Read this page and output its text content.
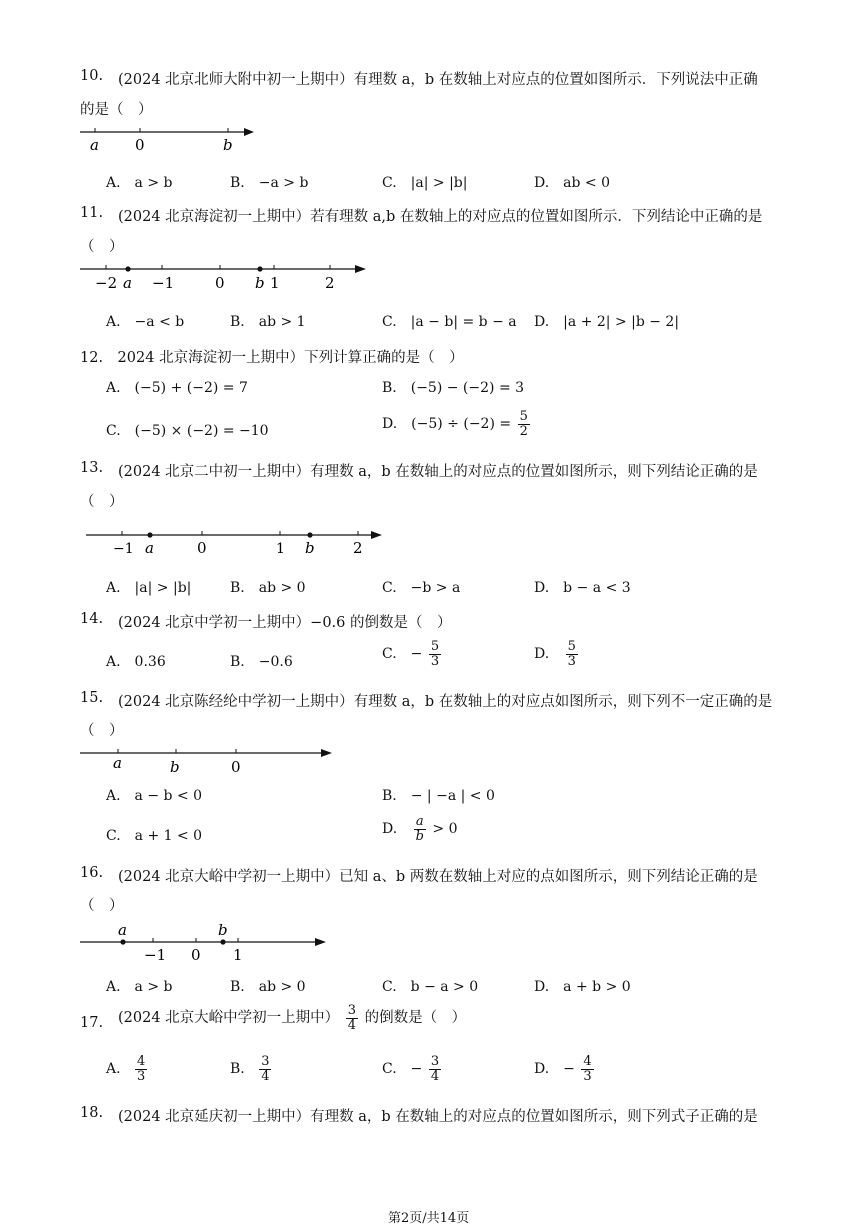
10. (2024 北京北师大附中初一上期中）有理数 a，b 在数轴上对应点的位置如图所示．下列说法中正确
的是（　）
a 0	b
A.　a > b	B.　−a > b	C.　|a| > |b|	D.　ab < 0
11. (2024 北京海淀初一上期中）若有理数 a,b 在数轴上的对应点的位置如图所示．下列结论中正确的是
（　）
−2 a −1	0 b 1	2
A.　−a < b	B.　ab > 1	C.　|a − b| = b − a D.　|a + 2| > |b − 2|
12.　2024 北京海淀初一上期中）下列计算正确的是（　）
A.　(−5) + (−2) = 7	B.　(−5) − (−2) = 3
C.　(−5) × (−2) = −10	D.　$(-5) \div (-2) = \frac{5}{2}$
13. (2024 北京二中初一上期中）有理数 a，b 在数轴上的对应点的位置如图所示，则下列结论正确的是
（　）
−1 a	0	1 b	2
A.　|a| > |b|	B.　ab > 0	C.　−b > a	D.　b − a < 3
14. (2024 北京中学初一上期中）−0.6 的倒数是（　）
A.　0.36	B.　−0.6	C.　− $\frac{5}{3}$	D. $\frac{5}{3}$
15. (2024 北京陈经纶中学初一上期中）有理数 a，b 在数轴上的对应点如图所示，则下列不一定正确的是
（　）
a	b	0
A.　a − b < 0	B.　− | −a | < 0
C.　a + 1 < 0	D. $\frac{a}{b} > 0$
16. (2024 北京大峪中学初一上期中）已知 a、b 两数在数轴上对应的点如图所示，则下列结论正确的是
（　）
a
−1 0
b
1
A.　a > b	B.　ab > 0	C.　b − a > 0	D.　a + b > 0
17. (2024 北京大峪中学初一上期中） $\frac{3}{4}$ 的倒数是（　）
A. $\frac{4}{3}$	B. $\frac{3}{4}$	C.　− $\frac{3}{4}$	D.　− $\frac{4}{3}$
18. (2024 北京延庆初一上期中）有理数 a，b 在数轴上的对应点的位置如图所示，则下列式子正确的是
第2页/共14页
